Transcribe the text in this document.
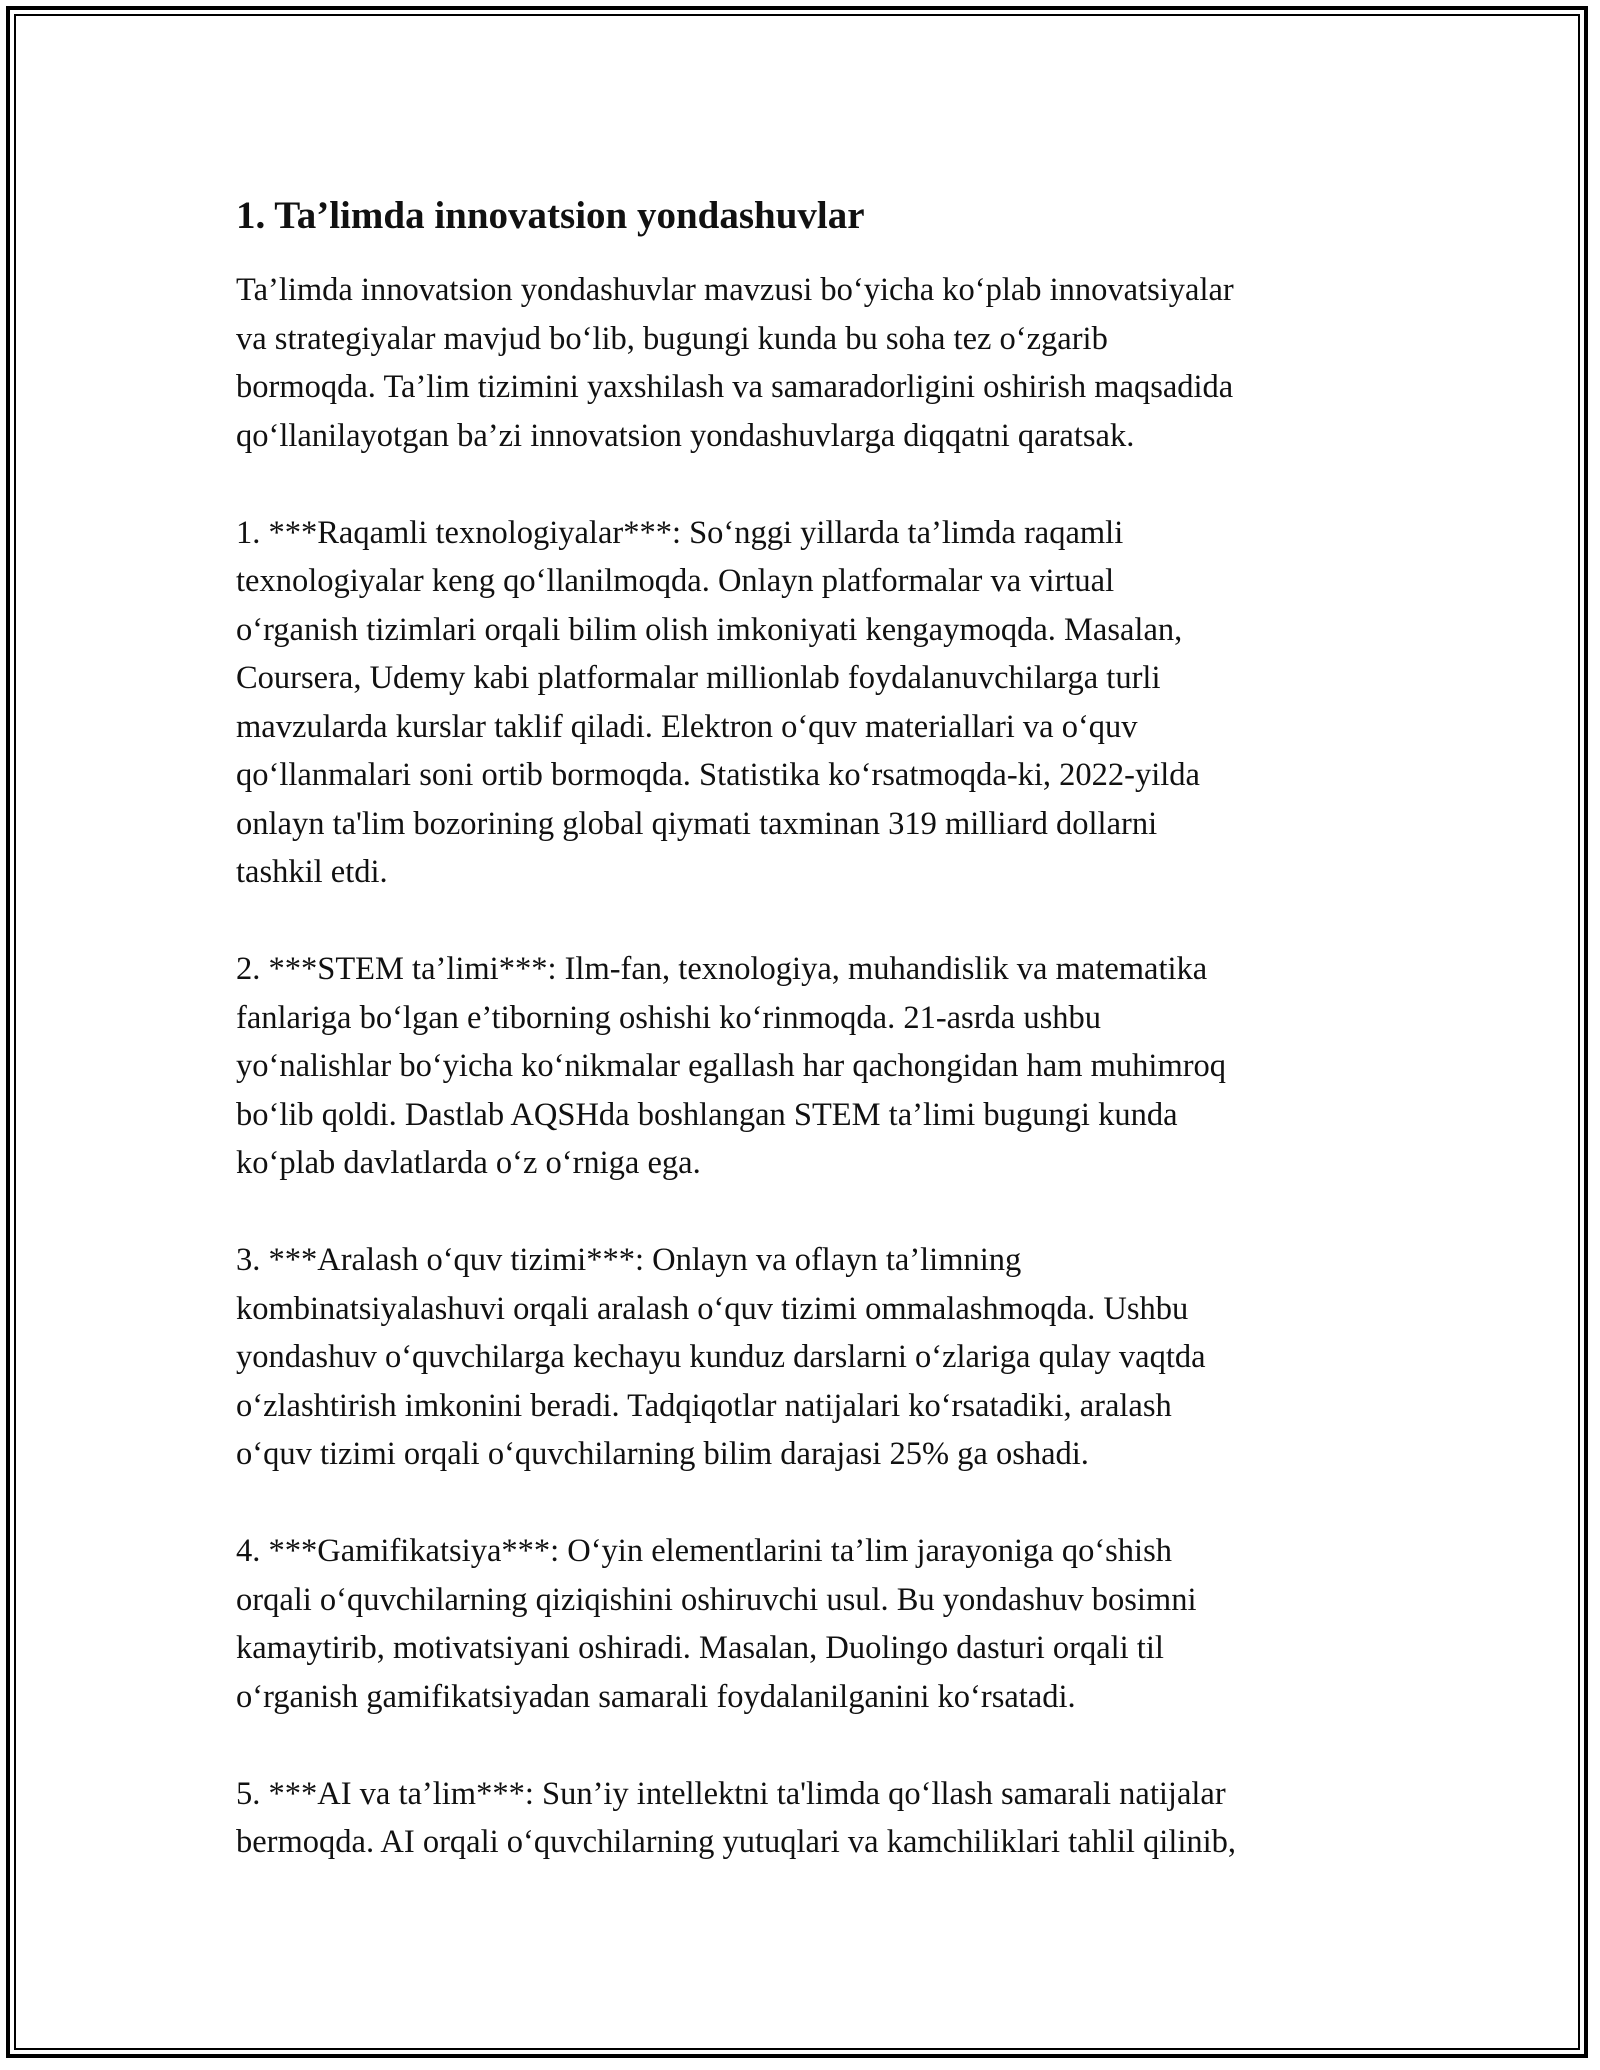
1. Ta’limda innovatsion yondashuvlar

Ta’limda innovatsion yondashuvlar mavzusi bo‘yicha ko‘plab innovatsiyalar
va strategiyalar mavjud bo‘lib, bugungi kunda bu soha tez o‘zgarib
bormoqda. Ta’lim tizimini yaxshilash va samaradorligini oshirish maqsadida
qo‘llanilayotgan ba’zi innovatsion yondashuvlarga diqqatni qaratsak.

1. ***Raqamli texnologiyalar***: So‘nggi yillarda ta’limda raqamli
texnologiyalar keng qo‘llanilmoqda. Onlayn platformalar va virtual
o‘rganish tizimlari orqali bilim olish imkoniyati kengaymoqda. Masalan,
Coursera, Udemy kabi platformalar millionlab foydalanuvchilarga turli
mavzularda kurslar taklif qiladi. Elektron o‘quv materiallari va o‘quv
qo‘llanmalari soni ortib bormoqda. Statistika ko‘rsatmoqda-ki, 2022-yilda
onlayn ta'lim bozorining global qiymati taxminan 319 milliard dollarni
tashkil etdi.

2. ***STEM ta’limi***: Ilm-fan, texnologiya, muhandislik va matematika
fanlariga bo‘lgan e’tiborning oshishi ko‘rinmoqda. 21-asrda ushbu
yo‘nalishlar bo‘yicha ko‘nikmalar egallash har qachongidan ham muhimroq
bo‘lib qoldi. Dastlab AQSHda boshlangan STEM ta’limi bugungi kunda
ko‘plab davlatlarda o‘z o‘rniga ega.

3. ***Aralash o‘quv tizimi***: Onlayn va oflayn ta’limning
kombinatsiyalashuvi orqali aralash o‘quv tizimi ommalashmoqda. Ushbu
yondashuv o‘quvchilarga kechayu kunduz darslarni o‘zlariga qulay vaqtda
o‘zlashtirish imkonini beradi. Tadqiqotlar natijalari ko‘rsatadiki, aralash
o‘quv tizimi orqali o‘quvchilarning bilim darajasi 25% ga oshadi.

4. ***Gamifikatsiya***: O‘yin elementlarini ta’lim jarayoniga qo‘shish
orqali o‘quvchilarning qiziqishini oshiruvchi usul. Bu yondashuv bosimni
kamaytirib, motivatsiyani oshiradi. Masalan, Duolingo dasturi orqali til
o‘rganish gamifikatsiyadan samarali foydalanilganini ko‘rsatadi.

5. ***AI va ta’lim***: Sun’iy intellektni ta'limda qo‘llash samarali natijalar
bermoqda. AI orqali o‘quvchilarning yutuqlari va kamchiliklari tahlil qilinib,
